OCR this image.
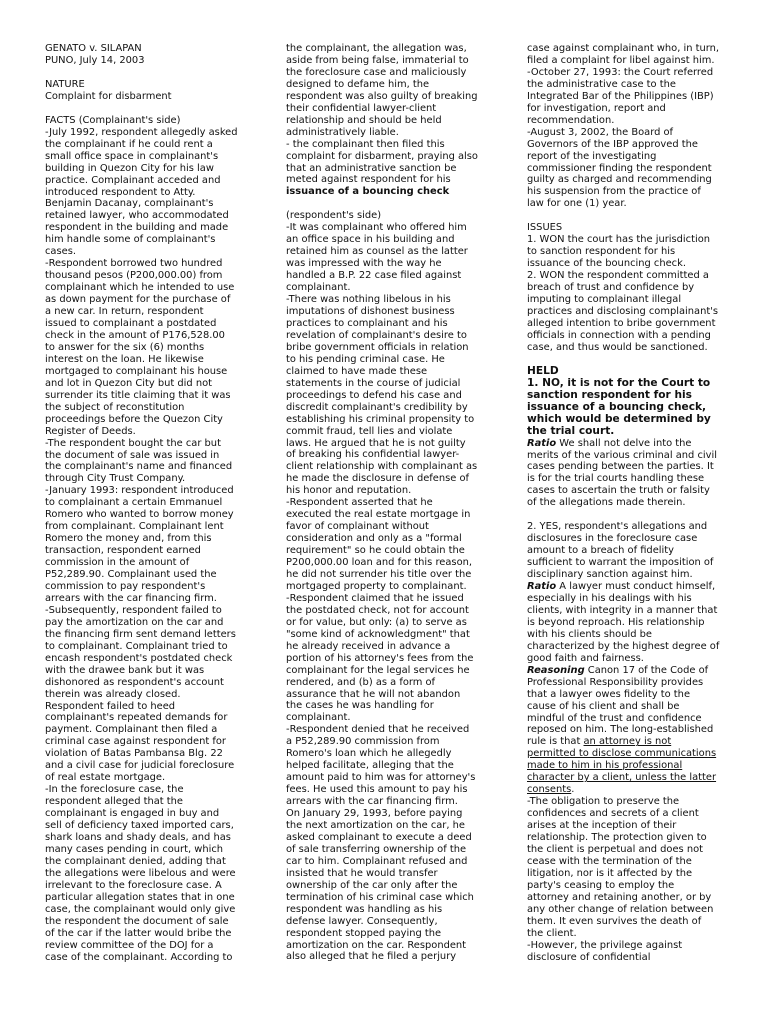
GENATO v. SILAPAN
PUNO, July 14, 2003
NATURE
Complaint for disbarment
FACTS (Complainant's side)
-July 1992, respondent allegedly asked
the complainant if he could rent a
small office space in complainant's
building in Quezon City for his law
practice. Complainant acceded and
introduced respondent to Atty.
Benjamin Dacanay, complainant's
retained lawyer, who accommodated
respondent in the building and made
him handle some of complainant's
cases.
-Respondent borrowed two hundred
thousand pesos (P200,000.00) from
complainant which he intended to use
as down payment for the purchase of
a new car. In return, respondent
issued to complainant a postdated
check in the amount of P176,528.00
to answer for the six (6) months
interest on the loan. He likewise
mortgaged to complainant his house
and lot in Quezon City but did not
surrender its title claiming that it was
the subject of reconstitution
proceedings before the Quezon City
Register of Deeds.
-The respondent bought the car but
the document of sale was issued in
the complainant's name and financed
through City Trust Company.
-January 1993: respondent introduced
to complainant a certain Emmanuel
Romero who wanted to borrow money
from complainant. Complainant lent
Romero the money and, from this
transaction, respondent earned
commission in the amount of
P52,289.90. Complainant used the
commission to pay respondent's
arrears with the car financing firm.
-Subsequently, respondent failed to
pay the amortization on the car and
the financing firm sent demand letters
to complainant. Complainant tried to
encash respondent's postdated check
with the drawee bank but it was
dishonored as respondent's account
therein was already closed.
Respondent failed to heed
complainant's repeated demands for
payment. Complainant then filed a
criminal case against respondent for
violation of Batas Pambansa Blg. 22
and a civil case for judicial foreclosure
of real estate mortgage.
-In the foreclosure case, the
respondent alleged that the
complainant is engaged in buy and
sell of deficiency taxed imported cars,
shark loans and shady deals, and has
many cases pending in court, which
the complainant denied, adding that
the allegations were libelous and were
irrelevant to the foreclosure case. A
particular allegation states that in one
case, the complainant would only give
the respondent the document of sale
of the car if the latter would bribe the
review committee of the DOJ for a
case of the complainant. According to
the complainant, the allegation was,
aside from being false, immaterial to
the foreclosure case and maliciously
designed to defame him, the
respondent was also guilty of breaking
their confidential lawyer-client
relationship and should be held
administratively liable.
- the complainant then filed this
complaint for disbarment, praying also
that an administrative sanction be
meted against respondent for his
issuance of a bouncing check
(respondent's side)
-It was complainant who offered him
an office space in his building and
retained him as counsel as the latter
was impressed with the way he
handled a B.P. 22 case filed against
complainant.
-There was nothing libelous in his
imputations of dishonest business
practices to complainant and his
revelation of complainant's desire to
bribe government officials in relation
to his pending criminal case. He
claimed to have made these
statements in the course of judicial
proceedings to defend his case and
discredit complainant's credibility by
establishing his criminal propensity to
commit fraud, tell lies and violate
laws. He argued that he is not guilty
of breaking his confidential lawyer-
client relationship with complainant as
he made the disclosure in defense of
his honor and reputation.
-Respondent asserted that he
executed the real estate mortgage in
favor of complainant without
consideration and only as a "formal
requirement" so he could obtain the
P200,000.00 loan and for this reason,
he did not surrender his title over the
mortgaged property to complainant.
-Respondent claimed that he issued
the postdated check, not for account
or for value, but only: (a) to serve as
"some kind of acknowledgment" that
he already received in advance a
portion of his attorney's fees from the
complainant for the legal services he
rendered, and (b) as a form of
assurance that he will not abandon
the cases he was handling for
complainant.
-Respondent denied that he received
a P52,289.90 commission from
Romero's loan which he allegedly
helped facilitate, alleging that the
amount paid to him was for attorney's
fees. He used this amount to pay his
arrears with the car financing firm.
On January 29, 1993, before paying
the next amortization on the car, he
asked complainant to execute a deed
of sale transferring ownership of the
car to him. Complainant refused and
insisted that he would transfer
ownership of the car only after the
termination of his criminal case which
respondent was handling as his
defense lawyer. Consequently,
respondent stopped paying the
amortization on the car. Respondent
also alleged that he filed a perjury
case against complainant who, in turn,
filed a complaint for libel against him.
-October 27, 1993: the Court referred
the administrative case to the
Integrated Bar of the Philippines (IBP)
for investigation, report and
recommendation.
-August 3, 2002, the Board of
Governors of the IBP approved the
report of the investigating
commissioner finding the respondent
guilty as charged and recommending
his suspension from the practice of
law for one (1) year.
ISSUES
1. WON the court has the jurisdiction
to sanction respondent for his
issuance of the bouncing check.
2. WON the respondent committed a
breach of trust and confidence by
imputing to complainant illegal
practices and disclosing complainant's
alleged intention to bribe government
officials in connection with a pending
case, and thus would be sanctioned.
HELD
1. NO, it is not for the Court to
sanction respondent for his
issuance of a bouncing check,
which would be determined by
the trial court.
Ratio We shall not delve into the
merits of the various criminal and civil
cases pending between the parties. It
is for the trial courts handling these
cases to ascertain the truth or falsity
of the allegations made therein.
2. YES, respondent's allegations and
disclosures in the foreclosure case
amount to a breach of fidelity
sufficient to warrant the imposition of
disciplinary sanction against him.
Ratio A lawyer must conduct himself,
especially in his dealings with his
clients, with integrity in a manner that
is beyond reproach. His relationship
with his clients should be
characterized by the highest degree of
good faith and fairness.
Reasoning Canon 17 of the Code of
Professional Responsibility provides
that a lawyer owes fidelity to the
cause of his client and shall be
mindful of the trust and confidence
reposed on him. The long-established
rule is that an attorney is not
permitted to disclose communications
made to him in his professional
character by a client, unless the latter
consents.
-The obligation to preserve the
confidences and secrets of a client
arises at the inception of their
relationship. The protection given to
the client is perpetual and does not
cease with the termination of the
litigation, nor is it affected by the
party's ceasing to employ the
attorney and retaining another, or by
any other change of relation between
them. It even survives the death of
the client.
-However, the privilege against
disclosure of confidential
